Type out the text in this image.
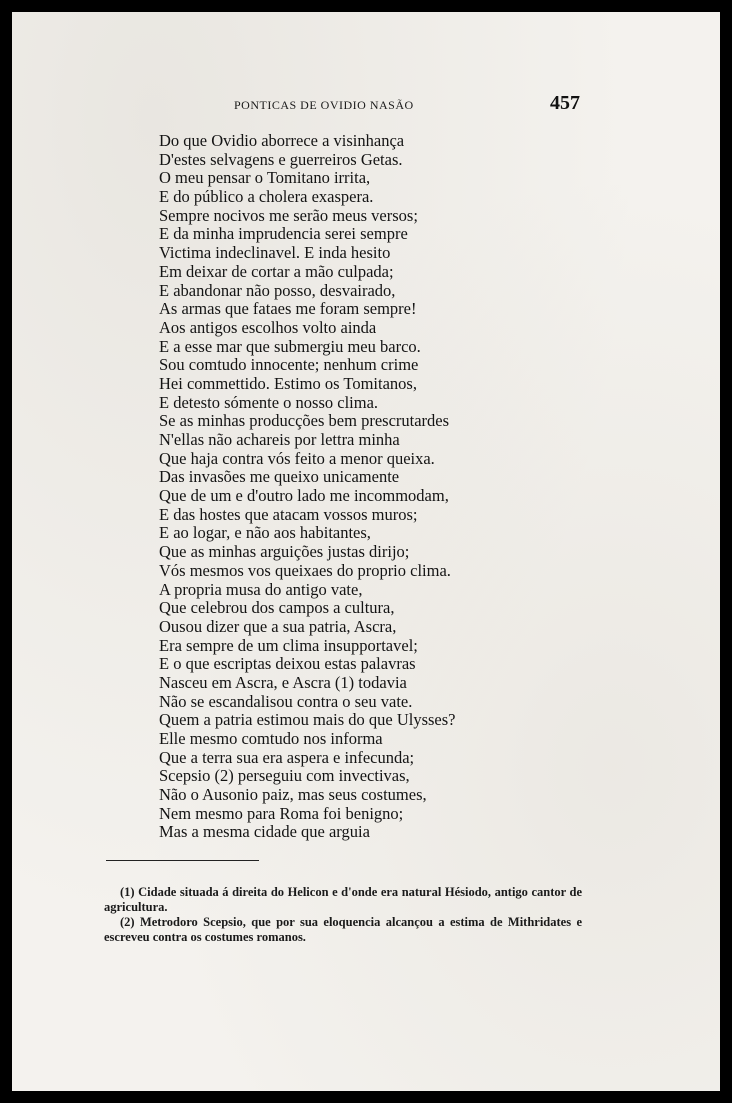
PONTICAS DE OVIDIO NASÃO	457
Do que Ovidio aborrece a visinhança
D'estes selvagens e guerreiros Getas.
O meu pensar o Tomitano irrita,
E do público a cholera exaspera.
Sempre nocivos me serão meus versos;
E da minha imprudencia serei sempre
Victima indeclinavel. E inda hesito
Em deixar de cortar a mão culpada;
E abandonar não posso, desvairado,
As armas que fataes me foram sempre!
Aos antigos escolhos volto ainda
E a esse mar que submergiu meu barco.
Sou comtudo innocente; nenhum crime
Hei commettido. Estimo os Tomitanos,
E detesto sómente o nosso clima.
Se as minhas producções bem prescrutardes
N'ellas não achareis por lettra minha
Que haja contra vós feito a menor queixa.
Das invasões me queixo unicamente
Que de um e d'outro lado me incommodam,
E das hostes que atacam vossos muros;
E ao logar, e não aos habitantes,
Que as minhas arguições justas dirijo;
Vós mesmos vos queixaes do proprio clima.
A propria musa do antigo vate,
Que celebrou dos campos a cultura,
Ousou dizer que a sua patria, Ascra,
Era sempre de um clima insupportavel;
E o que escriptas deixou estas palavras
Nasceu em Ascra, e Ascra (1) todavia
Não se escandalisou contra o seu vate.
Quem a patria estimou mais do que Ulysses?
Elle mesmo comtudo nos informa
Que a terra sua era aspera e infecunda;
Scepsio (2) perseguiu com invectivas,
Não o Ausonio paiz, mas seus costumes,
Nem mesmo para Roma foi benigno;
Mas a mesma cidade que arguia

(1) Cidade situada á direita do Helicon e d'onde era natural Hésiodo, antigo cantor de agricultura.

(2) Metrodoro Scepsio, que por sua eloquencia alcançou a estima de Mithridates e escreveu contra os costumes romanos.
